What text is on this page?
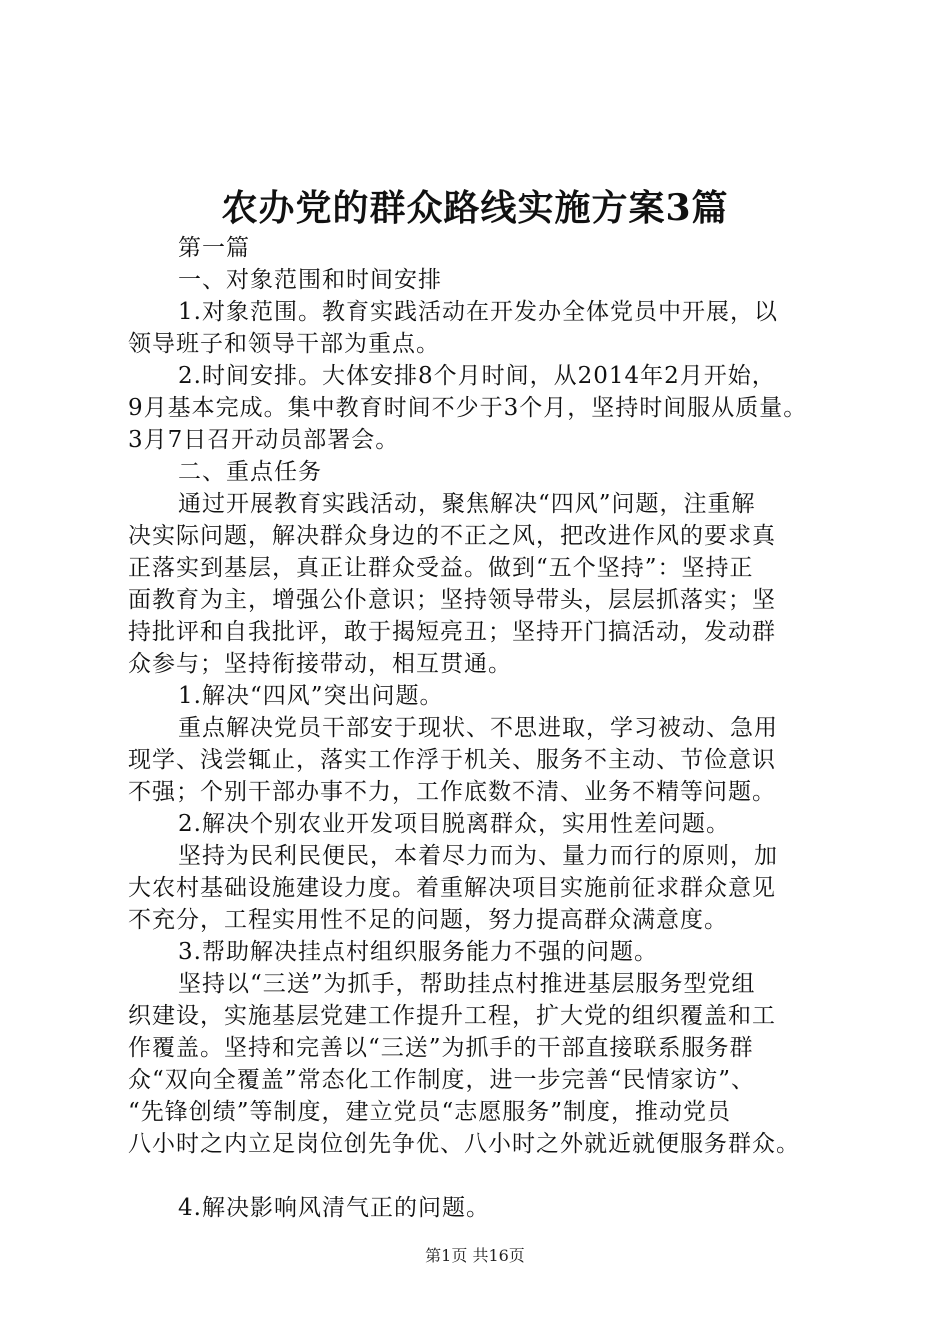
农办党的群众路线实施方案3篇

第一篇

一、对象范围和时间安排

1.对象范围。教育实践活动在开发办全体党员中开展，以

领导班子和领导干部为重点。

2.时间安排。大体安排8个月时间，从2014年2月开始，

9月基本完成。集中教育时间不少于3个月，坚持时间服从质量。

3月7日召开动员部署会。

二、重点任务

通过开展教育实践活动，聚焦解决“四风”问题，注重解

决实际问题，解决群众身边的不正之风，把改进作风的要求真

正落实到基层，真正让群众受益。做到“五个坚持”：坚持正

面教育为主，增强公仆意识；坚持领导带头，层层抓落实；坚

持批评和自我批评，敢于揭短亮丑；坚持开门搞活动，发动群

众参与；坚持衔接带动，相互贯通。

1.解决“四风”突出问题。

重点解决党员干部安于现状、不思进取，学习被动、急用

现学、浅尝辄止，落实工作浮于机关、服务不主动、节俭意识

不强；个别干部办事不力，工作底数不清、业务不精等问题。

2.解决个别农业开发项目脱离群众，实用性差问题。

坚持为民利民便民，本着尽力而为、量力而行的原则，加

大农村基础设施建设力度。着重解决项目实施前征求群众意见

不充分，工程实用性不足的问题，努力提高群众满意度。

3.帮助解决挂点村组织服务能力不强的问题。

坚持以“三送”为抓手，帮助挂点村推进基层服务型党组

织建设，实施基层党建工作提升工程，扩大党的组织覆盖和工

作覆盖。坚持和完善以“三送”为抓手的干部直接联系服务群

众“双向全覆盖”常态化工作制度，进一步完善“民情家访”、

“先锋创绩”等制度，建立党员“志愿服务”制度，推动党员

八小时之内立足岗位创先争优、八小时之外就近就便服务群众。

4.解决影响风清气正的问题。

第1页 共16页
